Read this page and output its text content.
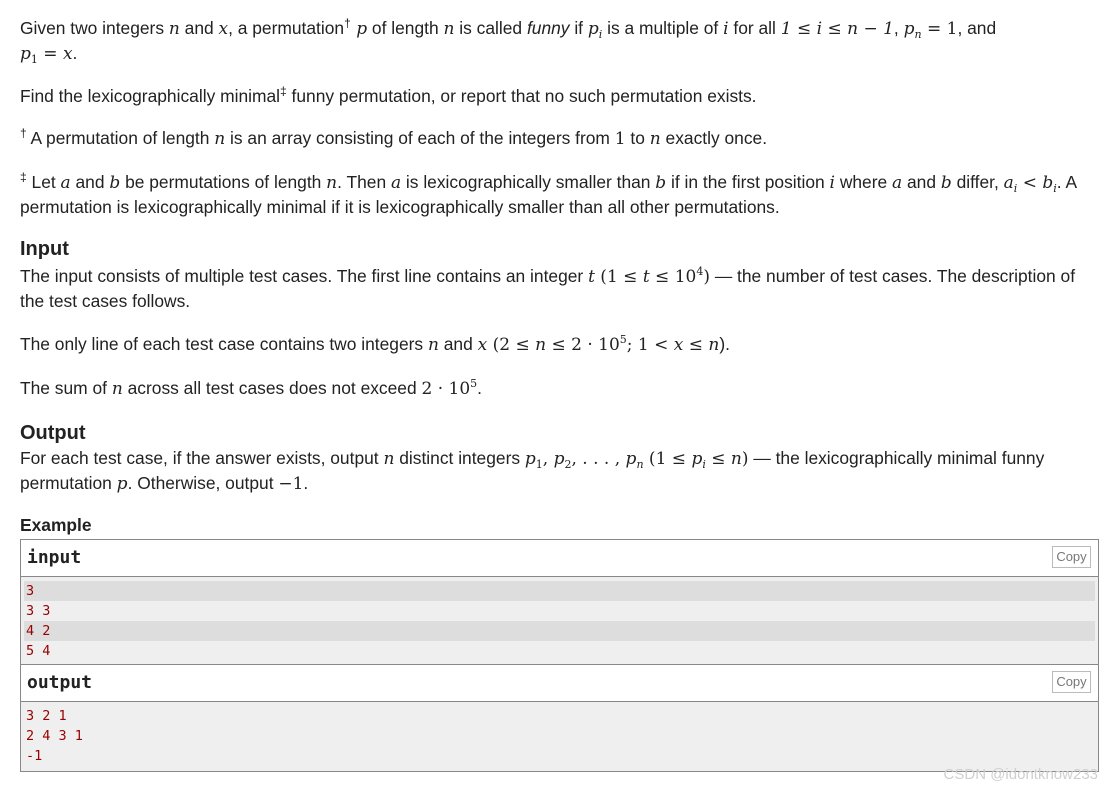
Given two integers n and x, a permutation† p of length n is called funny if $p_i$ is a multiple of i for all 1 ≤ i ≤ n − 1, $p_n = 1$, and
$p_1 = x$.
Find the lexicographically minimal‡ funny permutation, or report that no such permutation exists.
† A permutation of length n is an array consisting of each of the integers from 1 to n exactly once.
‡ Let a and b be permutations of length n. Then a is lexicographically smaller than b if in the first position i where a and b differ, $a_i < b_i$. A
permutation is lexicographically minimal if it is lexicographically smaller than all other permutations.
Input
The input consists of multiple test cases. The first line contains an integer t $(1 \le t \le 10^4)$ — the number of test cases. The description of
the test cases follows.
The only line of each test case contains two integers n and x ($2 \le n \le 2 \cdot 10^5$; 1 < x ≤ n).
The sum of n across all test cases does not exceed $2 \cdot 10^5$.
Output
For each test case, if the answer exists, output n distinct integers $p_1$, $p_2$, . . . , $p_n$ $(1 \le p_i \le n)$ — the lexicographically minimal funny
permutation p. Otherwise, output −1.
Example
input	Copy
3
3 3
4 2
5 4
output	Copy
3 2 1
2 4 3 1
-1
CSDN @idontknow233
